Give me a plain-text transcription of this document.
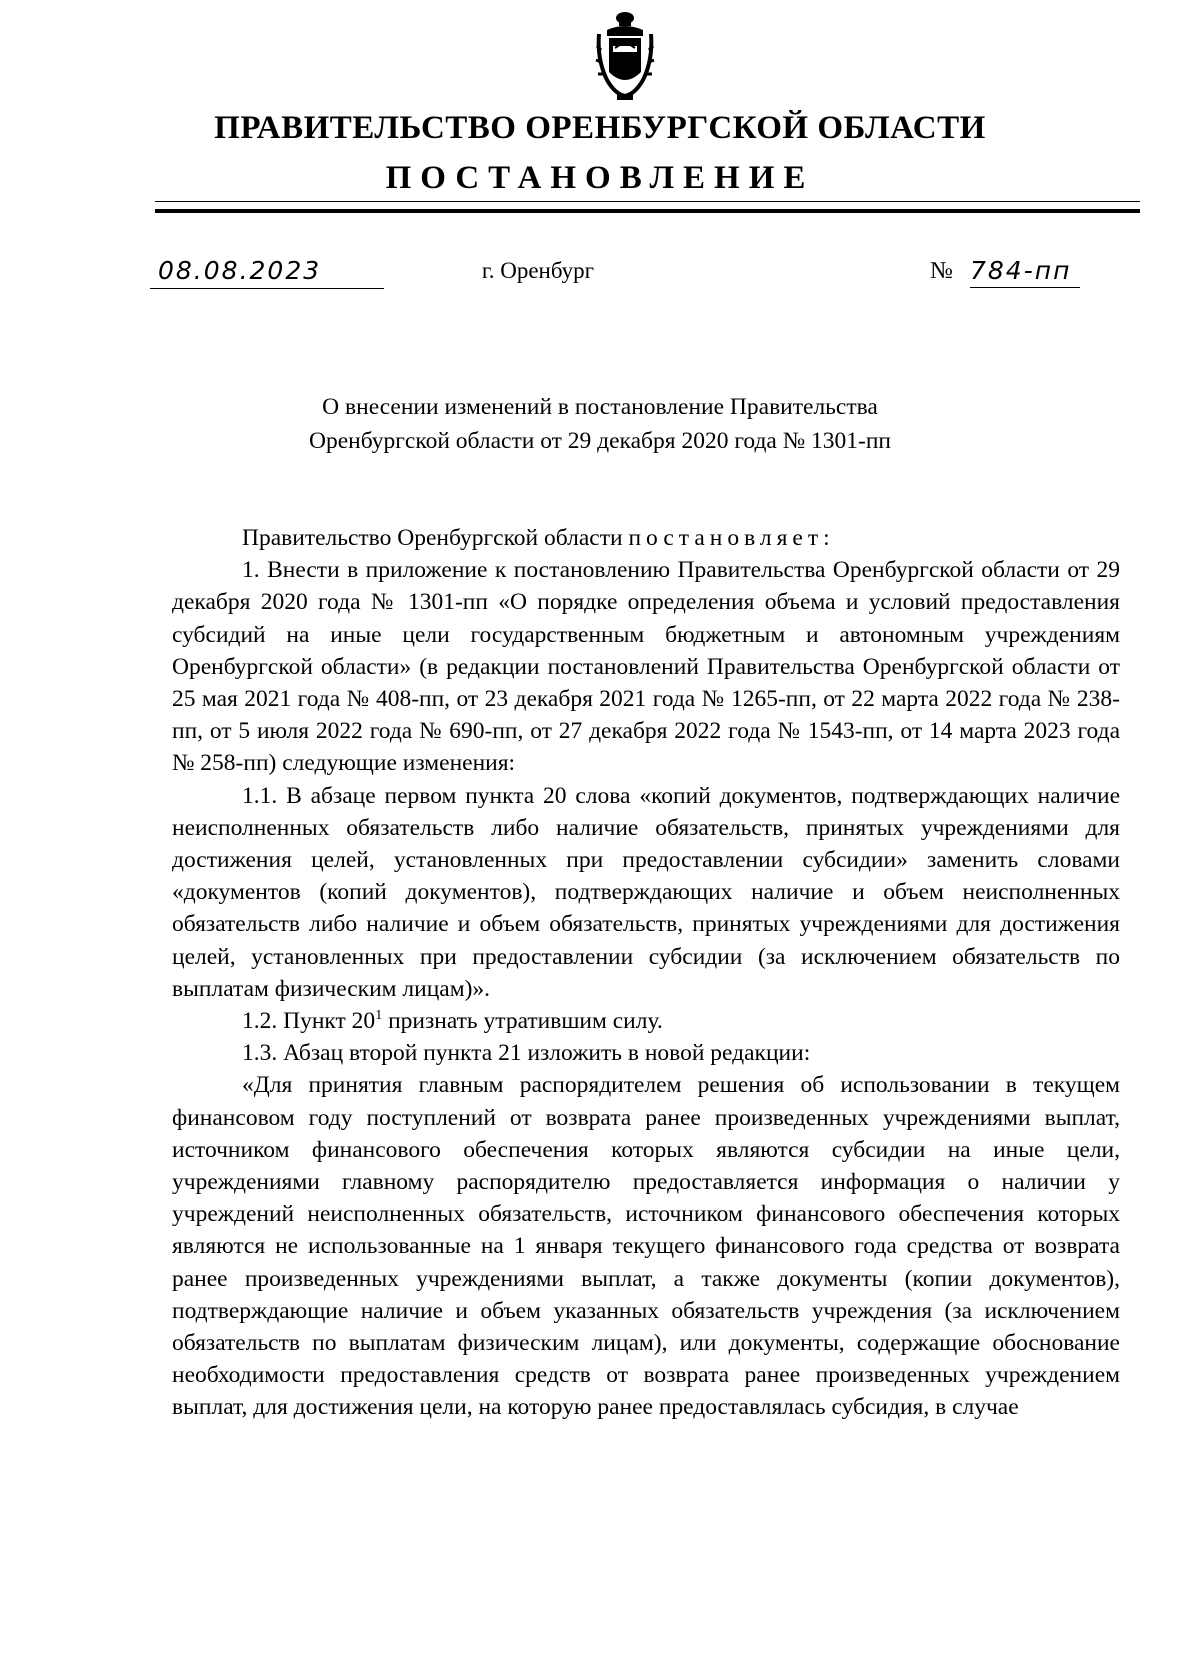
ПРАВИТЕЛЬСТВО ОРЕНБУРГСКОЙ ОБЛАСТИ
ПОСТАНОВЛЕНИЕ
08.08.2023	г. Оренбург	№ 784-пп
О внесении изменений в постановление Правительства
Оренбургской области от 29 декабря 2020 года № 1301-пп

Правительство Оренбургской области постановляет:

1. Внести в приложение к постановлению Правительства Оренбургской области от 29 декабря 2020 года № 1301-пп «О порядке определения объема и условий предоставления субсидий на иные цели государственным бюджетным и автономным учреждениям Оренбургской области» (в редакции постановлений Правительства Оренбургской области от 25 мая 2021 года № 408-пп, от 23 декабря 2021 года № 1265-пп, от 22 марта 2022 года № 238-пп, от 5 июля 2022 года № 690-пп, от 27 декабря 2022 года № 1543-пп, от 14 марта 2023 года № 258-пп) следующие изменения:

1.1. В абзаце первом пункта 20 слова «копий документов, подтверждающих наличие неисполненных обязательств либо наличие обязательств, принятых учреждениями для достижения целей, установленных при предоставлении субсидии» заменить словами «документов (копий документов), подтверждающих наличие и объем неисполненных обязательств либо наличие и объем обязательств, принятых учреждениями для достижения целей, установленных при предоставлении субсидии (за исключением обязательств по выплатам физическим лицам)».

1.2. Пункт $20^1$ признать утратившим силу.

1.3. Абзац второй пункта 21 изложить в новой редакции:

«Для принятия главным распорядителем решения об использовании в текущем финансовом году поступлений от возврата ранее произведенных учреждениями выплат, источником финансового обеспечения которых являются субсидии на иные цели, учреждениями главному распорядителю предоставляется информация о наличии у учреждений неисполненных обязательств, источником финансового обеспечения которых являются не использованные на 1 января текущего финансового года средства от возврата ранее произведенных учреждениями выплат, а также документы (копии документов), подтверждающие наличие и объем указанных обязательств учреждения (за исключением обязательств по выплатам физическим лицам), или документы, содержащие обоснование необходимости предоставления средств от возврата ранее произведенных учреждением выплат, для достижения цели, на которую ранее предоставлялась субсидия, в случае
